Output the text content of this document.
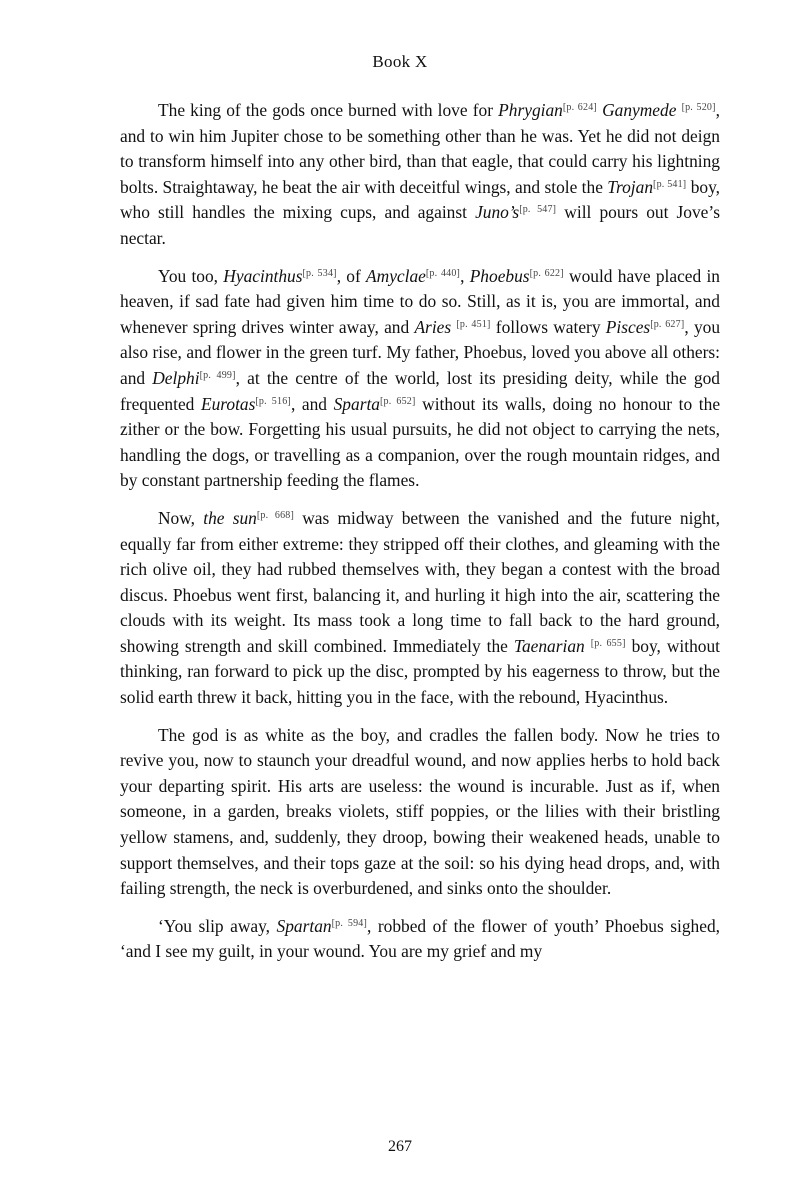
Book X

The king of the gods once burned with love for Phrygian[p. 624] Ganymede [p. 520], and to win him Jupiter chose to be something other than he was. Yet he did not deign to transform himself into any other bird, than that eagle, that could carry his lightning bolts. Straightaway, he beat the air with deceitful wings, and stole the Trojan[p. 541] boy, who still handles the mixing cups, and against Juno’s[p. 547] will pours out Jove’s nectar.

You too, Hyacinthus[p. 534], of Amyclae[p. 440], Phoebus[p. 622] would have placed in heaven, if sad fate had given him time to do so. Still, as it is, you are immortal, and whenever spring drives winter away, and Aries [p. 451] follows watery Pisces[p. 627], you also rise, and flower in the green turf. My father, Phoebus, loved you above all others: and Delphi[p. 499], at the centre of the world, lost its presiding deity, while the god frequented Eurotas[p. 516], and Sparta[p. 652] without its walls, doing no honour to the zither or the bow. Forgetting his usual pursuits, he did not object to carrying the nets, handling the dogs, or travelling as a companion, over the rough mountain ridges, and by constant partnership feeding the flames.

Now, the sun[p. 668] was midway between the vanished and the future night, equally far from either extreme: they stripped off their clothes, and gleaming with the rich olive oil, they had rubbed themselves with, they began a contest with the broad discus. Phoebus went first, balancing it, and hurling it high into the air, scattering the clouds with its weight. Its mass took a long time to fall back to the hard ground, showing strength and skill combined. Immediately the Taenarian [p. 655] boy, without thinking, ran forward to pick up the disc, prompted by his eagerness to throw, but the solid earth threw it back, hitting you in the face, with the rebound, Hyacinthus.

The god is as white as the boy, and cradles the fallen body. Now he tries to revive you, now to staunch your dreadful wound, and now applies herbs to hold back your departing spirit. His arts are useless: the wound is incurable. Just as if, when someone, in a garden, breaks violets, stiff poppies, or the lilies with their bristling yellow stamens, and, suddenly, they droop, bowing their weakened heads, unable to support themselves, and their tops gaze at the soil: so his dying head drops, and, with failing strength, the neck is overburdened, and sinks onto the shoulder.

‘You slip away, Spartan[p. 594], robbed of the flower of youth’ Phoebus sighed, ‘and I see my guilt, in your wound. You are my grief and my

267
